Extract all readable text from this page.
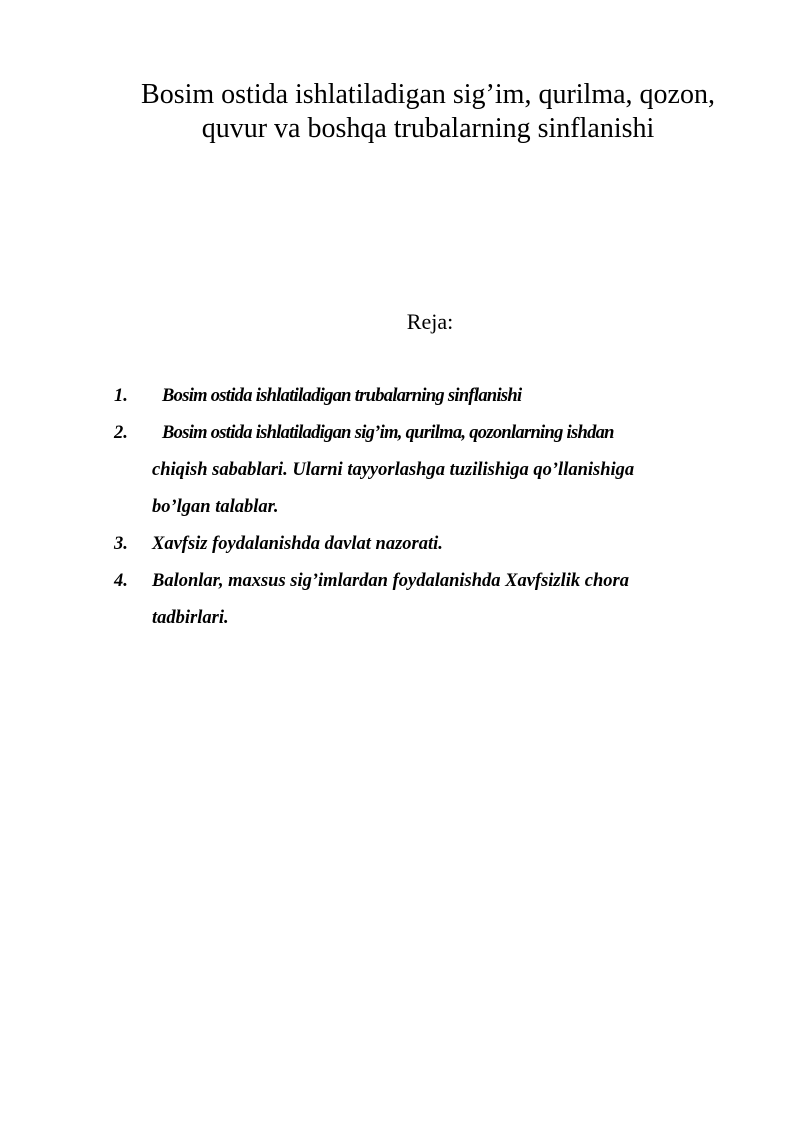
Bosim ostida ishlatiladigan sig’im, qurilma, qozon,
quvur va boshqa trubalarning sinflanishi
Reja:
1.	Bosim ostida ishlatiladigan trubalarning sinflanishi
2.	Bosim ostida ishlatiladigan sig’im, qurilma, qozonlarning ishdan
chiqish sabablari. Ularni tayyorlashga tuzilishiga qo’llanishiga
bo’lgan talablar.
3. Xavfsiz foydalanishda davlat nazorati.
4. Balonlar, maxsus sig’imlardan foydalanishda Xavfsizlik chora
tadbirlari.
